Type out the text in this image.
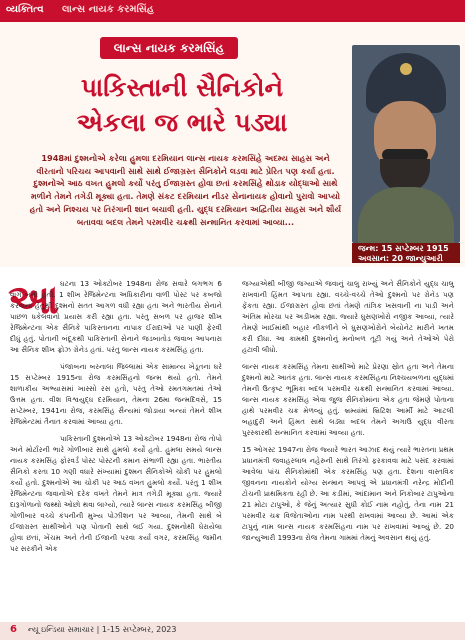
વ્યક્તિત્વ લાન્સ નાયક કરમસિંહ
લાન્સ નાયક કરમસિંહ
પાકિસ્તાની સૈનિકોને
એકલા જ ભારે પડ્યા
1948માં દુશ્મનોએ કરેલા હુમલા દરમિયાન લાન્સ નાયક કરમસિંહે અદમ્ય સાહસ અને વીરતાનો પરિચય આપવાની સાથે સાથે ઈજાગ્રસ્ત સૈનિકોને લડવા માટે પ્રેરિત પણ કર્યા હતા. દુશ્મનોએ આઠ વખત હુમલો કર્યો પરંતુ ઈજાગ્રસ્ત હોવા છતાં કરમસિંહે થોડાક યોદ્ધાઓ સાથે મળીને તેમને તગેડી મૂક્યા હતા. તેમણે સંકટ દરમિયાન નીડર સેનાનાયક હોવાનો પુરાવો આપ્યો હતો અને નિશ્ચય પર તિરંગાની શાન બચાવી હતી. યુદ્ધ દરમિયાન અદ્વિતીય સાહસ અને શૌર્ય બતાવવા બદલ તેમને પરમવીર ચક્રથી સન્માનિત કરવામાં આવ્યા...
જન્મ: 15 સપ્ટેમ્બર 1915
અવસાન: 20 જાન્યુઆરી
આ ઘટના 13 ઓક્ટોબર 1948ના રોજ સવારે લગભગ 6 વાગે બની હતી. 1 શીખ રેજિમેન્ટના અધિકારીના વાળી પોસ્ટ પર કબજો કરવાના હેતુથી દુશ્મનો સતત આગળ વધી રહ્યા હતા અને ભારતીય સેનાને પાછળ ધકેલવાનો પ્રયાસ કરી રહ્યા હતા. પરંતુ સબળ પર હાજર શીખ રેજિમેન્ટના એક સૈનિકે પાકિસ્તાનના નાપાક ઈરાદાઓ પર પાણી ફેરવી દીધું હતું. પોતાની બંદૂકથી પાકિસ્તાની સેનાને જડબાતોડ જવાબ આપનારા આ સૈનિક શીખ ફ્રોઝ ગ્રેનેડ હતાં. પરંતુ લાન્સ નાયક કરમસિંહ હતા.

પંજાબના બરનાલા જિલ્લામાં એક સામાન્ય ખેડૂતના ઘરે 15 સપ્ટેમ્બર 1915ના રોજ કરમસિંહનો જન્મ થયો હતો. તેમને શાળાકીય અભ્યાસમાં ખાસ્સો રસ હતો, પરંતુ તેઓ રમતગમતમાં તેઓ ઉત્તમ હતા. વીશ વિશ્વયુદ્ધ દરમિયાન, તેમના 26મા જન્મદિવસે, 15 સપ્ટેમ્બર, 1941ના રોજ, કરમસિંહ સૈન્યમાં જોડાયા બન્યાં તેમને શીખ રેજિમેન્ટમાં તૈનાત કરવામાં આવ્યા હતા.

પાકિસ્તાની દુશ્મનોએ 13 ઓક્ટોબર 1948ના રોજ તોપો અને મોર્ટારની ભારે ગોળીબાર સાથે હુમલો કર્યો હતો. હુમલા સમયે લાન્સ નાયક કરમસિંહ ફોરવર્ડ પોસ્ટ પોસ્ટની કમાન સંભાળી રહ્યા હતા. ભારતીય સૈનિકો કરતા 10 ગણી વધારે સંખ્યામાં દુશ્મન સૈનિકોએ ચોકી પર હુમલો કર્યો હતો. દુશ્મનોએ આ ચોકી પર આઠ વખત હુમલો કર્યો. પરંતુ 1 શીખ રેજિમેન્ટના જવાનોએ દરેક વખતે તેમને માત્ર તગેડી મૂક્યા હતા. જ્યારે દારૂગોળાનો જથ્થો ઓછો થવા લાગ્યો, ત્યારે લાન્સ નાયક કરમસિંહ બીજી ગોળીબાર વચ્ચે કંપનીની મુખ્ય પોઝીશન પર આવ્યા, તેમની સાથે બે ઈજાગ્રસ્ત સાથીઓને પણ પોતાની સાથે લઈ ગયા. દુશ્મનોથી ઘેરાયેલા હોવા છતાં, ખેંચમ અને તેની ઈજાની પરવા કર્યા વગર, કરમસિંહ જમીન પર સરકીને એક

જગ્યાએથી બીજી જગ્યાએ જવાનું ચાલુ રાખ્યું અને સૈનિકોને યુદ્ધ ચાલુ રાખવાની હિંમત આપતા રહ્યા. વચ્ચે-વચ્ચે તેઓ દુશ્મનો પર ગ્રેનેડ પણ ફેંકતા રહ્યા. ઈજાગ્રસ્ત હોવા છતાં તેમણે તાંત્રિક ખસવાની ના પાડી અને અંતિમ મોરચા પર અડીખમ રહ્યા. જ્યારે ઘુસણખોરો નજીક આવ્યા, ત્યારે તેમણે ખાઈમાંથી બહાર નીકળીને બે ઘુસણખોરોને બેયોનેટ મારીને ખતમ કરી દીધા. આ કામથી દુશ્મનોનું મનોબળ તૂટી ગયું અને તેઓએ પેરો હટાવી લીધો.

લાન્સ નાયક કરમસિંહ તેમના સાથીઓ માટે પ્રેરણા સ્રોત હતા અને તેમના દુશ્મનો માટે આતંક હતા. લાન્સ નાયક કરમસિંહના નિશ્ચયબળના યુદ્ધમાં તેમની ઉત્કૃષ્ટ ભૂમિકા બદલ પરમવીર ચક્રથી સન્માનિત કરવામાં આવ્યા. લાન્સ નાયક કરમસિંહ એવા જુજ સૈનિકોમાંના એક હતા જેમણે પોતાના હાથે પરમવીર ચક્ર મેળવ્યું હતું. બ્રમ્યાંમાં બ્રિટિશ આર્મી માટે આટલી બહાદુરી અને હિંમત સાથે લડ્યા બદલ તેમને અગાઉ યુદ્ધ વીરતા પુરસ્કારથી સન્માનિત કરવામાં આવ્યા હતા.

15 ઓગસ્ટ 1947ના રોજ જ્યારે ભારત આઝાદ થયું ત્યારે ભારતના પ્રથમ પ્રધાનમંત્રી જવાહરલાલ નહેરુની સાથે તિરંગો ફરકાવવા માટે પસંદ કરવામાં આવેલા પાંચ સૈનિકોમાંથી એક કરમસિંહ પણ હતા. દેશના વાસ્તવિક જીવનના નાયકોને યોગ્ય સન્માન આપવું એ પ્રધાનમંત્રી નરેન્દ્ર મોદીની ટોચની પ્રાથમિકતા રહી છે. આ કડીમાં, આંદામાન અને નિકોબાર ટાપુઓના 21 મોટા ટાપુઓ, કે જેનું અત્યાર સુધી કોઈ નામ નહોતું, તેના નામ 21 પરમવીર ચક્ર વિજેતાઓના નામ પરથી રાખવામાં આવ્યા છે. આમાં એક ટાપુનું નામ લાન્સ નાયક કરમસિંહના નામ પર રાખવામાં આવ્યું છે. 20 જાન્યુઆરી 1993ના રોજ તેમના ગામમાં તેમનું અવસાન થયું હતું.

6 ન્યૂ ઇન્ડિયા સમાચાર | 1-15 સપ્ટેમ્બર, 2023
